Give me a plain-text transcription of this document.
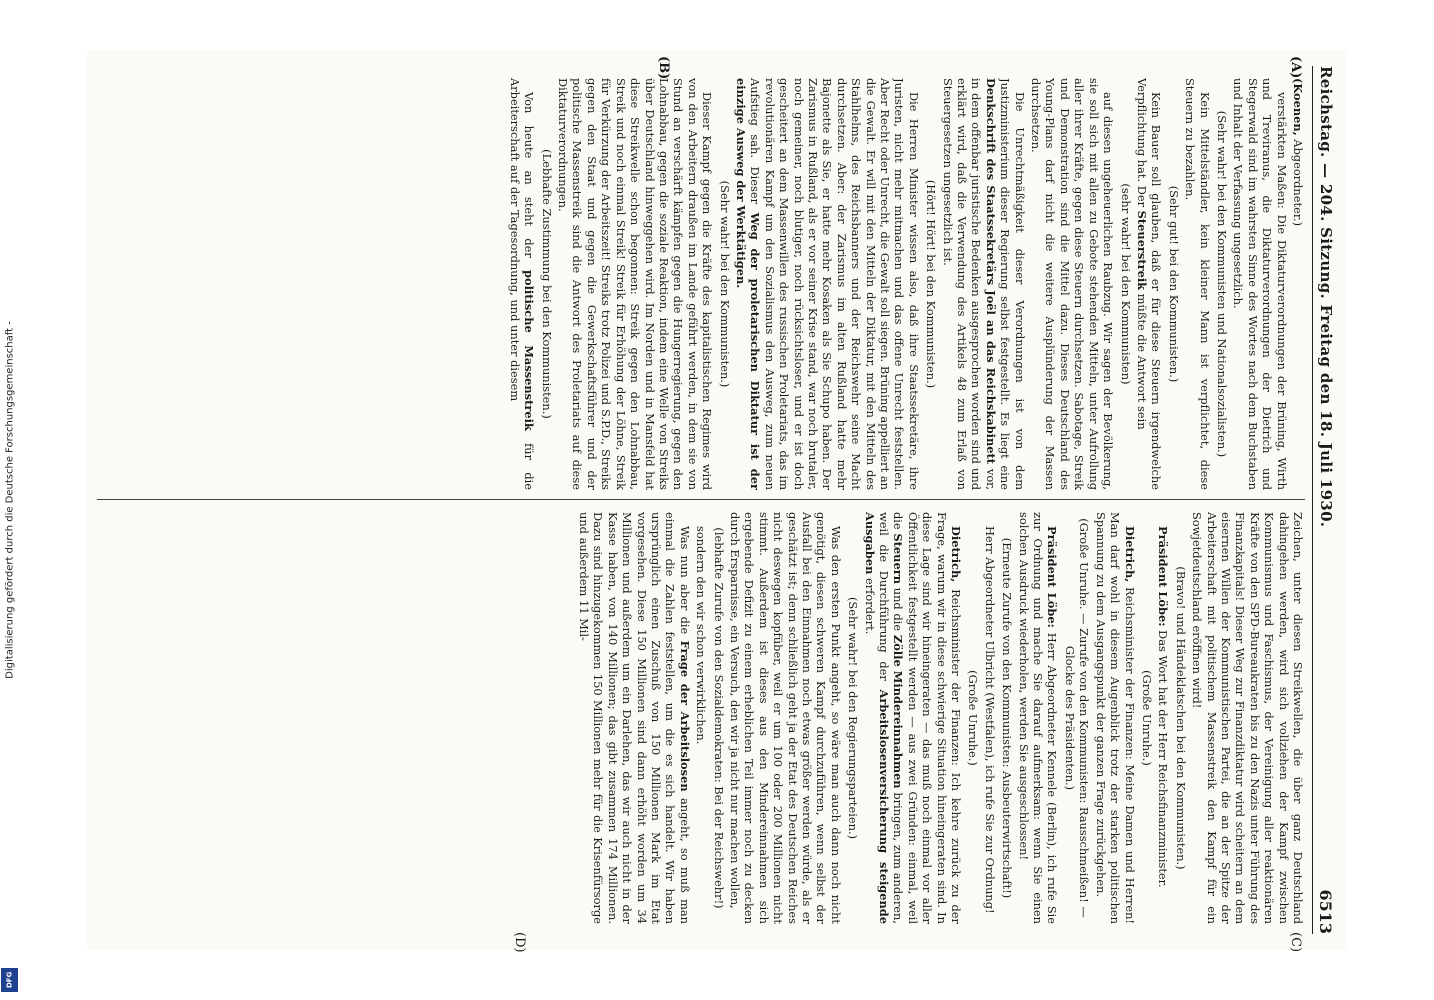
Reichstag. — 204. Sitzung. Freitag den 18. Juli 1930.
6513
(A)
(B)
(C)
(D)

(Koenen, Abgeordneter.)

verstärkten Maßen: Die Diktaturverordnungen der Brüning, Wirth und Treviranus, die Diktaturverordnungen der Dietrich und Stegerwald sind im wahrsten Sinne des Wortes nach dem Buchstaben und Inhalt der Verfassung ungesetzlich.

(Sehr wahr! bei den Kommunisten und Nationalsozialisten.)

Kein Mittelständler, kein kleiner Mann ist verpflichtet, diese Steuern zu bezahlen.

(Sehr gut! bei den Kommunisten.)

Kein Bauer soll glauben, daß er für diese Steuern irgendwelche Verpflichtung hat. Der Steuerstreik müßte die Antwort sein

(sehr wahr! bei den Kommunisten)

auf diesen ungeheuerlichen Raubzug. Wir sagen der Bevölkerung, sie soll sich mit allen zu Gebote stehenden Mitteln, unter Aufrollung aller ihrer Kräfte, gegen diese Steuern durchsetzen. Sabotage, Streik und Demonstration sind die Mittel dazu. Dieses Deutschland des Young-Plans darf nicht die weitere Ausplünderung der Massen durchsetzen.

Die Unrechtmäßigkeit dieser Verordnungen ist von dem Justizministerium dieser Regierung selbst festgestellt. Es liegt eine Denkschrift des Staatssekretärs Joël an das Reichskabinett vor, in dem offenbar juristische Bedenken ausgesprochen worden sind und erklärt wird, daß die Verwendung des Artikels 48 zum Erlaß von Steuergesetzen ungesetzlich ist.

(Hört! Hört! bei den Kommunisten.)

Die Herren Minister wissen also, daß ihre Staatssekretäre, ihre Juristen, nicht mehr mitmachen und das offene Unrecht feststellen. Aber Recht oder Unrecht, die Gewalt soll siegen. Brüning appelliert an die Gewalt. Er will mit den Mitteln der Diktatur, mit den Mitteln des Stahlhelms, des Reichsbanners und der Reichswehr seine Macht durchsetzen. Aber: der Zarismus im alten Rußland hatte mehr Bajonette als Sie, er hatte mehr Kosaken als Sie Schupo haben. Der Zarismus in Rußland, als er vor seiner Krise stand, war noch brutaler, noch gemeiner, noch blutiger, noch rücksichtsloser, und er ist doch gescheitert an dem Massenwillen des russischen Proletariats, das im revolutionären Kampf um den Sozialismus den Ausweg, zum neuen Aufstieg sah. Dieser Weg der proletarischen Diktatur ist der einzige Ausweg der Werktätigen.

(Sehr wahr! bei den Kommunisten.)

Dieser Kampf gegen die Kräfte des kapitalistischen Regimes wird von den Arbeitern draußen im Lande geführt werden, in dem sie von Stund an verschärft kämpfen gegen die Hungerregierung, gegen den Lohnabbau, gegen die soziale Reaktion, indem eine Welle von Streiks über Deutschland hinweggehen wird. Im Norden und in Mansfeld hat diese Streikwelle schon begonnen: Streik gegen den Lohnabbau, Streik und noch einmal Streik! Streik für Erhöhung der Löhne, Streik für Verkürzung der Arbeitszeit! Streiks trotz Polizei und S.P.D., Streiks gegen den Staat und gegen die Gewerkschaftsführer und der politische Massenstreik sind die Antwort des Proletariats auf diese Diktaturverordnungen.

(Lebhafte Zustimmung bei den Kommunisten.)

Von heute an steht der politische Massenstreik für die Arbeiterschaft auf der Tagesordnung, und unter diesem

Zeichen, unter diesen Streikwellen, die über ganz Deutschland dahingehen werden, wird sich vollziehen der Kampf zwischen Kommunismus und Faschismus, der Vereinigung aller reaktionären Kräfte von den SPD-Bureaukraten bis zu den Nazis unter Führung des Finanzkapitals! Dieser Weg zur Finanzdiktatur wird scheitern an dem eisernen Willen der Kommunistischen Partei, die an der Spitze der Arbeiterschaft mit politischem Massenstreik den Kampf für ein Sowjetdeutschland eröffnen wird!

(Bravo! und Händeklatschen bei den Kommunisten.)

Präsident Löbe: Das Wort hat der Herr Reichsfinanzminister.

(Große Unruhe.)

Dietrich, Reichsminister der Finanzen: Meine Damen und Herren! Man darf wohl in diesem Augenblick trotz der starken politischen Spannung zu dem Ausgangspunkt der ganzen Frage zurückgehen.

(Große Unruhe. — Zurufe von den Kommunisten: Rausschmeißen! — Glocke des Präsidenten.)

Präsident Löbe: Herr Abgeordneter Kennele (Berlin), ich rufe Sie zur Ordnung und mache Sie darauf aufmerksam: wenn Sie einen solchen Ausdruck wiederholen, werden Sie ausgeschlossen!

(Erneute Zurufe von den Kommunisten: Ausbeuterwirtschaft!)

Herr Abgeordneter Ulbricht (Westfalen), ich rufe Sie zur Ordnung!

(Große Unruhe.)

Dietrich, Reichsminister der Finanzen: Ich kehre zurück zu der Frage, warum wir in diese schwierige Situation hineingeraten sind. In diese Lage sind wir hineingeraten — das muß noch einmal vor aller Öffentlichkeit festgestellt werden — aus zwei Gründen: einmal, weil die Steuern und die Zölle Mindereinnahmen bringen, zum anderen, weil die Durchführung der Arbeitslosenversicherung steigende Ausgaben erfordert.

(Sehr wahr! bei den Regierungsparteien.)

Was den ersten Punkt angeht, so wäre man auch dann noch nicht genötigt, diesen schweren Kampf durchzuführen, wenn selbst der Ausfall bei den Einnahmen noch etwas größer werden würde, als er geschätzt ist; denn schließlich geht ja der Etat des Deutschen Reiches nicht deswegen kopfüber, weil er um 100 oder 200 Millionen nicht stimmt. Außerdem ist dieses aus den Mindereinnahmen sich ergebende Defizit zu einem erheblichen Teil immer noch zu decken durch Ersparnisse, ein Versuch, den wir ja nicht nur machen wollen,

(lebhafte Zurufe von den Sozialdemokraten: Bei der Reichswehr!)

sondern den wir schon verwirklichen.

Was nun aber die Frage der Arbeitslosen angeht, so muß man einmal die Zahlen feststellen, um die es sich handelt. Wir haben ursprünglich einen Zuschuß von 150 Millionen Mark im Etat vorgesehen. Diese 150 Millionen sind dann erhöht worden um 34 Millionen und außerdem um ein Darlehen, das wir auch nicht in der Kasse haben, von 140 Millionen; das gibt zusammen 174 Millionen. Dazu sind hinzugekommen 150 Millionen mehr für die Krisenfürsorge und außerdem 11 Mil-

Digitalisierung gefördert durch die Deutsche Forschungsgemeinschaft -
DFG
